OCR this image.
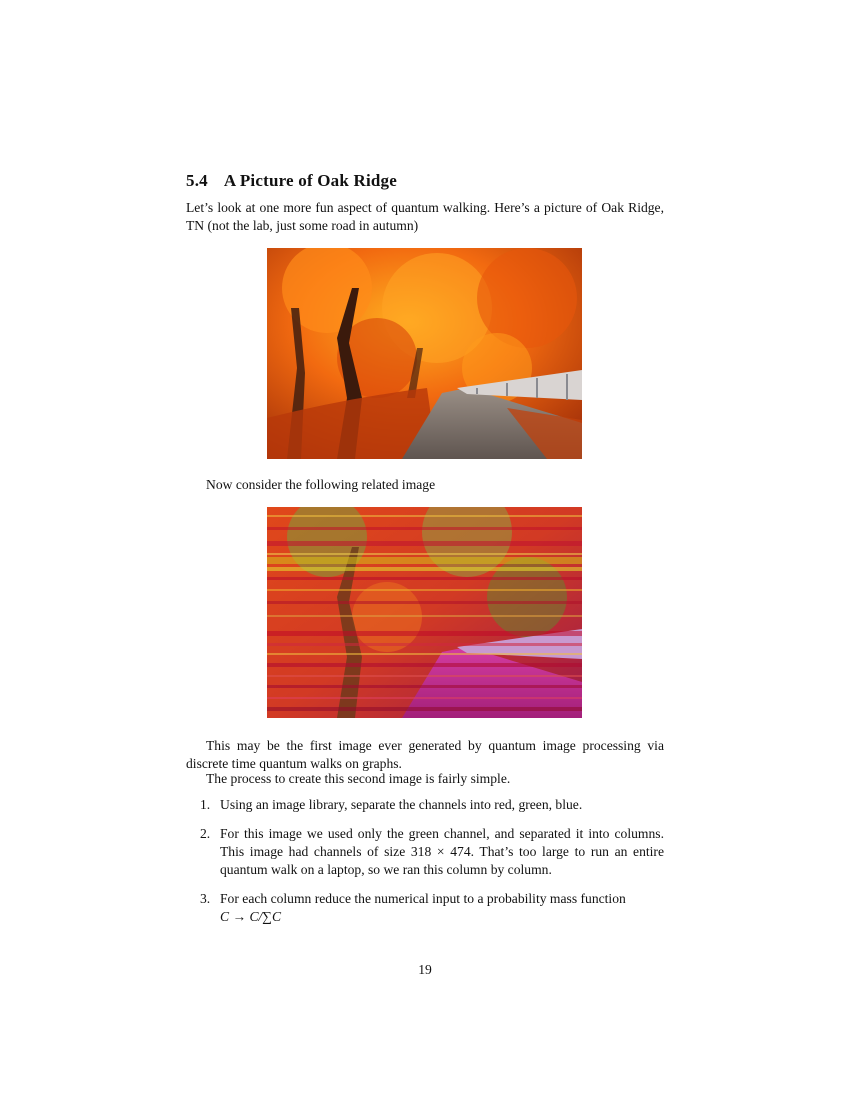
5.4 A Picture of Oak Ridge
Let’s look at one more fun aspect of quantum walking. Here’s a picture of Oak Ridge, TN (not the lab, just some road in autumn)
Now consider the following related image
This may be the first image ever generated by quantum image processing via discrete time quantum walks on graphs.
The process to create this second image is fairly simple.
1. Using an image library, separate the channels into red, green, blue.
2. For this image we used only the green channel, and separated it into columns. This image had channels of size 318 × 474. That’s too large to run an entire quantum walk on a laptop, so we ran this column by column.
3. For each column reduce the numerical input to a probability mass function
C → C/∑C
19
